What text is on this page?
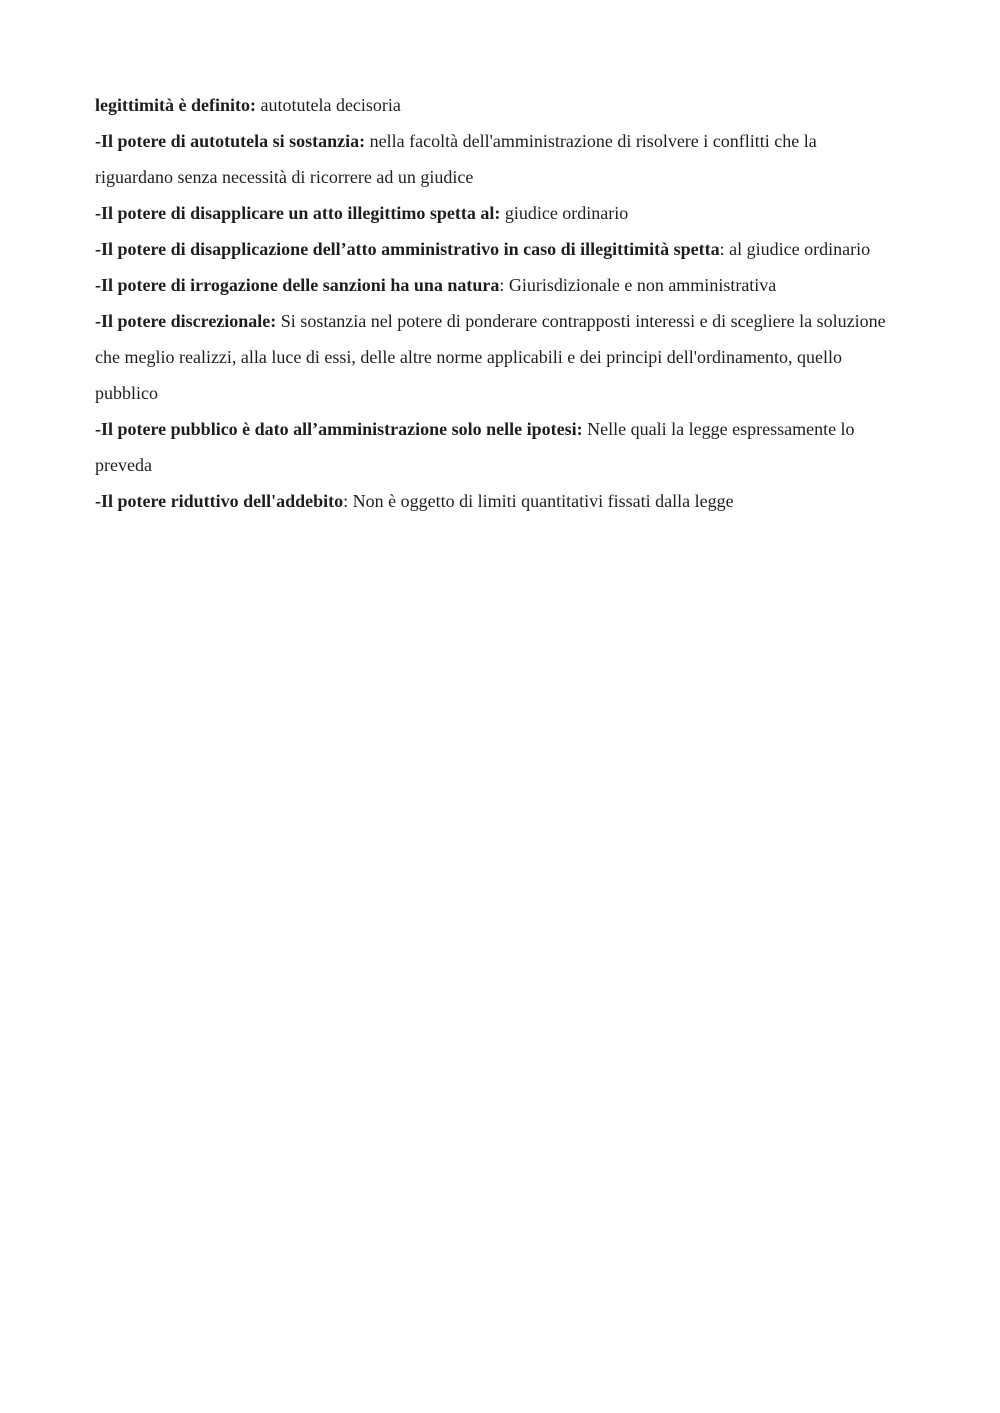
legittimità è definito: autotutela decisoria

-Il potere di autotutela si sostanzia: nella facoltà dell'amministrazione di risolvere i conflitti che la riguardano senza necessità di ricorrere ad un giudice

-Il potere di disapplicare un atto illegittimo spetta al: giudice ordinario

-Il potere di disapplicazione dell’atto amministrativo in caso di illegittimità spetta: al giudice ordinario

-Il potere di irrogazione delle sanzioni ha una natura: Giurisdizionale e non amministrativa

-Il potere discrezionale: Si sostanzia nel potere di ponderare contrapposti interessi e di scegliere la soluzione che meglio realizzi, alla luce di essi, delle altre norme applicabili e dei principi dell'ordinamento, quello pubblico

-Il potere pubblico è dato all’amministrazione solo nelle ipotesi: Nelle quali la legge espressamente lo preveda

-Il potere riduttivo dell'addebito: Non è oggetto di limiti quantitativi fissati dalla legge
